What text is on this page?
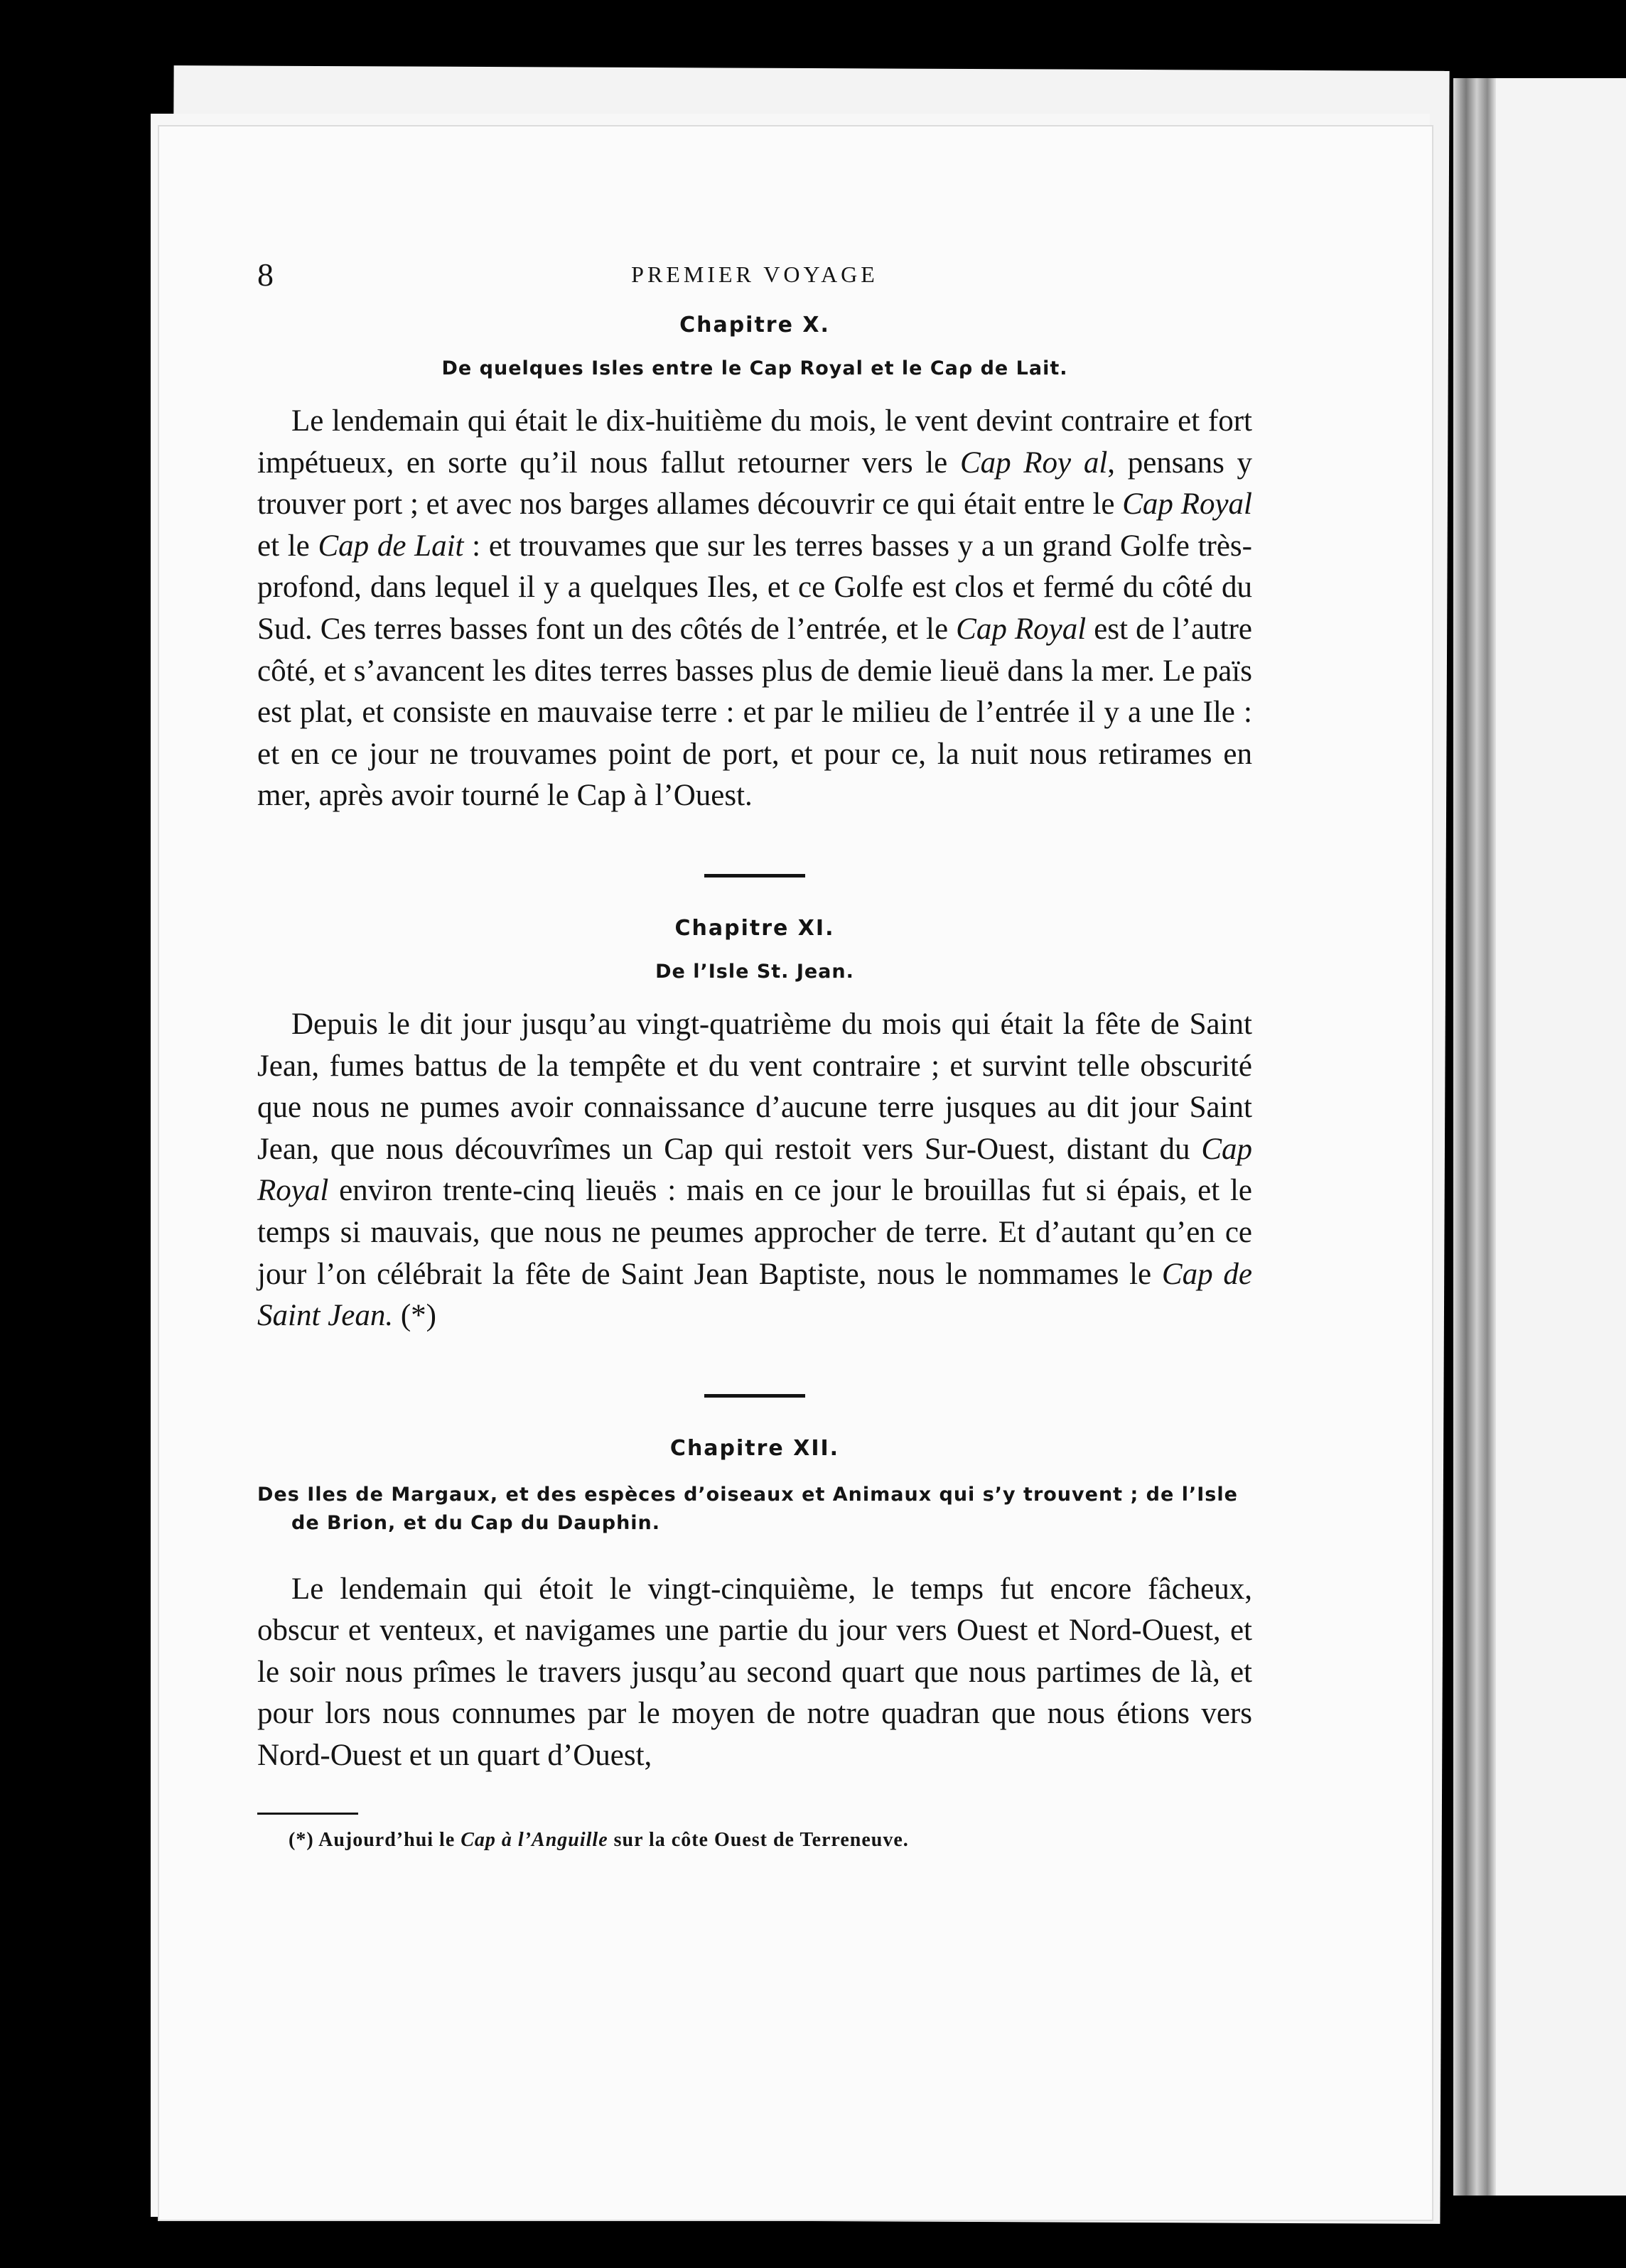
8	PREMIER VOYAGE
Chapitre X.
De quelques Isles entre le Cap Royal et le Caρ de Lait.

Le lendemain qui était le dix-huitième du mois, le vent devint contraire et fort impétueux, en sorte qu’il nous fallut retourner vers le Cap Roy al, pensans y trouver port ; et avec nos barges allames découvrir ce qui était entre le Cap Royal et le Cap de Lait : et trouvames que sur les terres basses y a un grand Golfe très-profond, dans lequel il y a quelques Iles, et ce Golfe est clos et fermé du côté du Sud. Ces terres basses font un des côtés de l’entrée, et le Cap Royal est de l’autre côté, et s’avancent les dites terres basses plus de demie lieuë dans la mer. Le païs est plat, et consiste en mauvaise terre : et par le milieu de l’entrée il y a une Ile : et en ce jour ne trouvames point de port, et pour ce, la nuit nous retirames en mer, après avoir tourné le Cap à l’Ouest.

Chapitre XI.
De l’Isle St. Jean.

Depuis le dit jour jusqu’au vingt-quatrième du mois qui était la fête de Saint Jean, fumes battus de la tempête et du vent contraire ; et survint telle obscurité que nous ne pumes avoir connaissance d’aucune terre jusques au dit jour Saint Jean, que nous découvrîmes un Cap qui restoit vers Sur-Ouest, distant du Cap Royal environ trente-cinq lieuës : mais en ce jour le brouillas fut si épais, et le temps si mauvais, que nous ne peumes approcher de terre. Et d’autant qu’en ce jour l’on célébrait la fête de Saint Jean Baptiste, nous le nommames le Cap de Saint Jean. (*)

Chapitre XII.
Des Iles de Margaux, et des espèces d’oiseaux et Animaux qui s’y trouvent ; de l’Isle de Brion, et du Cap du Dauphin.

Le lendemain qui étoit le vingt-cinquième, le temps fut encore fâcheux, obscur et venteux, et navigames une partie du jour vers Ouest et Nord-Ouest, et le soir nous prîmes le travers jusqu’au second quart que nous partimes de là, et pour lors nous connumes par le moyen de notre quadran que nous étions vers Nord-Ouest et un quart d’Ouest,

(*) Aujourd’hui le Cap à l’Anguille sur la côte Ouest de Terreneuve.
